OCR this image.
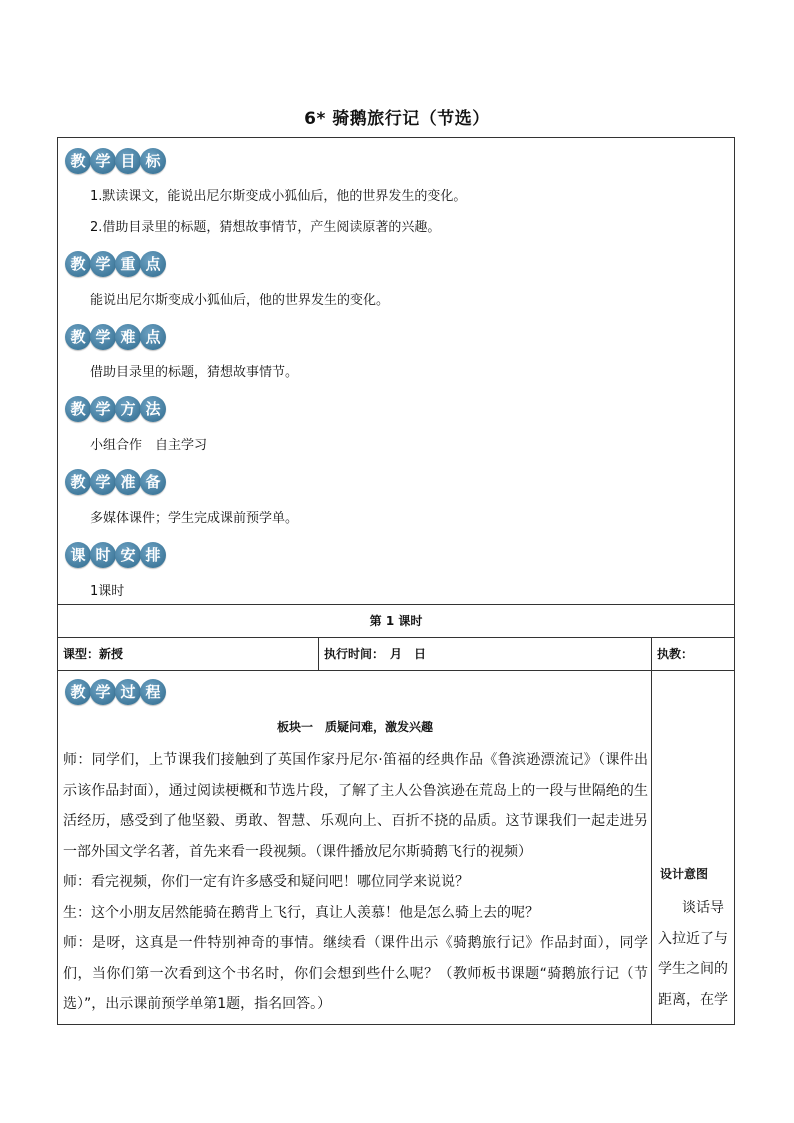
6* 骑鹅旅行记（节选）
教 学 目 标
1.默读课文，能说出尼尔斯变成小狐仙后，他的世界发生的变化。
2.借助目录里的标题，猜想故事情节，产生阅读原著的兴趣。
教 学 重 点
能说出尼尔斯变成小狐仙后，他的世界发生的变化。
教 学 难 点
借助目录里的标题，猜想故事情节。
教 学 方 法
小组合作　自主学习
教 学 准 备
多媒体课件；学生完成课前预学单。
课 时 安 排
1课时
第 1 课时
课型：新授	执行时间：　月　日	执教：
教 学 过 程
板块一　质疑问难，激发兴趣

师：同学们，上节课我们接触到了英国作家丹尼尔·笛福的经典作品《鲁滨逊漂流记》（课件出示该作品封面），通过阅读梗概和节选片段，了解了主人公鲁滨逊在荒岛上的一段与世隔绝的生活经历，感受到了他坚毅、勇敢、智慧、乐观向上、百折不挠的品质。这节课我们一起走进另一部外国文学名著，首先来看一段视频。（课件播放尼尔斯骑鹅飞行的视频）

师：看完视频，你们一定有许多感受和疑问吧！哪位同学来说说？

生：这个小朋友居然能骑在鹅背上飞行，真让人羡慕！他是怎么骑上去的呢？

师：是呀，这真是一件特别神奇的事情。继续看（课件出示《骑鹅旅行记》作品封面），同学们，当你们第一次看到这个书名时，你们会想到些什么呢？（教师板书课题“骑鹅旅行记（节选）”，出示课前预学单第1题，指名回答。）

设计意图
谈话导入拉近了与学生之间的距离，在学
